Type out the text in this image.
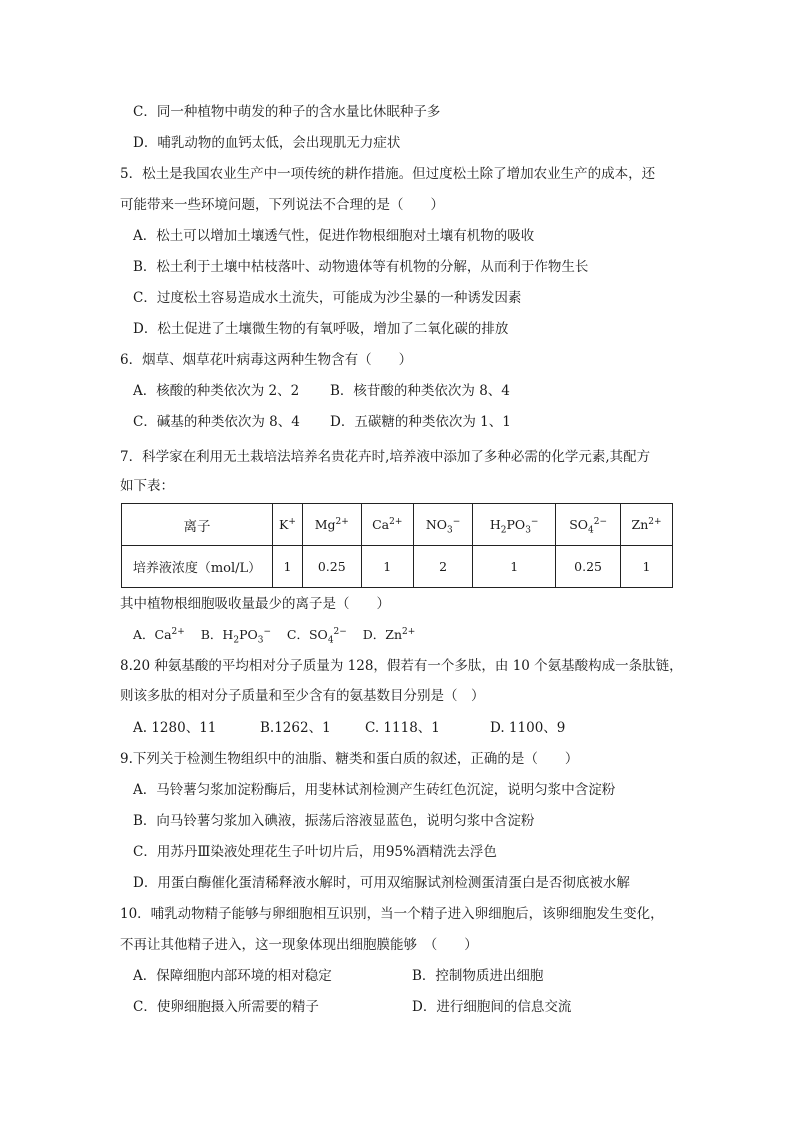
C．同一种植物中萌发的种子的含水量比休眠种子多
D．哺乳动物的血钙太低，会出现肌无力症状
5．松土是我国农业生产中一项传统的耕作措施。但过度松土除了增加农业生产的成本，还
可能带来一些环境问题，下列说法不合理的是（　　）
A．松土可以增加土壤透气性，促进作物根细胞对土壤有机物的吸收
B．松土利于土壤中枯枝落叶、动物遗体等有机物的分解，从而利于作物生长
C．过度松土容易造成水土流失，可能成为沙尘暴的一种诱发因素
D．松土促进了土壤微生物的有氧呼吸，增加了二氧化碳的排放
6．烟草、烟草花叶病毒这两种生物含有（　　）
A．核酸的种类依次为 2、2 B．核苷酸的种类依次为 8、4
C．碱基的种类依次为 8、4 D．五碳糖的种类依次为 1、1
7．科学家在利用无土栽培法培养名贵花卉时,培养液中添加了多种必需的化学元素,其配方
如下表：
离子	K+	$Mg^{2+}$	$Ca^{2+}$	$NO_3^-$	$H_2PO_3^-$	$SO_4^{2-}$	$Zn^{2+}$
培养液浓度（mol/L）	1	0.25	1	2	1	0.25	1
其中植物根细胞吸收量最少的离子是（　　）
A．$Ca^{2+}$ B．$H_2PO_3^-$ C．$SO_4^{2-}$ D．$Zn^{2+}$
8.20 种氨基酸的平均相对分子质量为 128，假若有一个多肽，由 10 个氨基酸构成一条肽链，
则该多肽的相对分子质量和至少含有的氨基数目分别是（　）
A. 1280、11	B.1262、1	C. 1118、1	D. 1100、9
9.下列关于检测生物组织中的油脂、糖类和蛋白质的叙述，正确的是（　　）
A．马铃薯匀浆加淀粉酶后，用斐林试剂检测产生砖红色沉淀，说明匀浆中含淀粉
B．向马铃薯匀浆加入碘液，振荡后溶液显蓝色，说明匀浆中含淀粉
C．用苏丹Ⅲ染液处理花生子叶切片后，用95%酒精洗去浮色
D．用蛋白酶催化蛋清稀释液水解时，可用双缩脲试剂检测蛋清蛋白是否彻底被水解
10．哺乳动物精子能够与卵细胞相互识别，当一个精子进入卵细胞后，该卵细胞发生变化，
不再让其他精子进入，这一现象体现出细胞膜能够　（　　）
A．保障细胞内部环境的相对稳定	B．控制物质进出细胞
C．使卵细胞摄入所需要的精子	D．进行细胞间的信息交流
